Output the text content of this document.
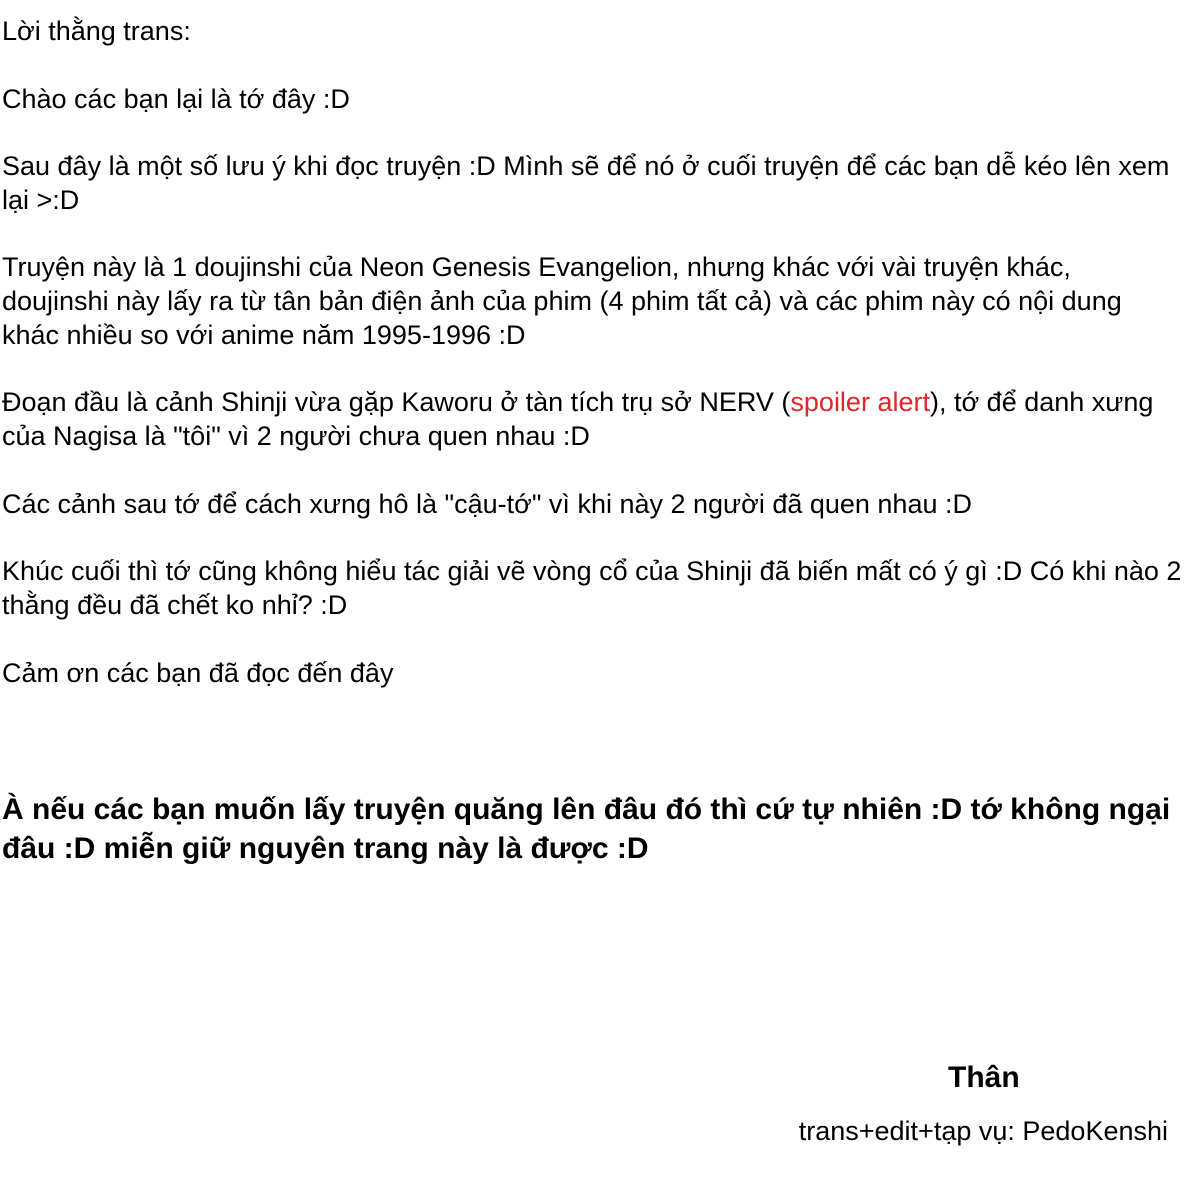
Lời thằng trans:

Chào các bạn lại là tớ đây :D

Sau đây là một số lưu ý khi đọc truyện :D Mình sẽ để nó ở cuối truyện để các bạn dễ kéo lên xem lại >:D

Truyện này là 1 doujinshi của Neon Genesis Evangelion, nhưng khác với vài truyện khác, doujinshi này lấy ra từ tân bản điện ảnh của phim (4 phim tất cả) và các phim này có nội dung khác nhiều so với anime năm 1995-1996 :D

Đoạn đầu là cảnh Shinji vừa gặp Kaworu ở tàn tích trụ sở NERV (spoiler alert), tớ để danh xưng của Nagisa là "tôi" vì 2 người chưa quen nhau :D

Các cảnh sau tớ để cách xưng hô là "cậu-tớ" vì khi này 2 người đã quen nhau :D

Khúc cuối thì tớ cũng không hiểu tác giải vẽ vòng cổ của Shinji đã biến mất có ý gì :D Có khi nào 2 thằng đều đã chết ko nhỉ? :D

Cảm ơn các bạn đã đọc đến đây

À nếu các bạn muốn lấy truyện quăng lên đâu đó thì cứ tự nhiên :D tớ không ngại đâu :D miễn giữ nguyên trang này là được :D

Thân

trans+edit+tạp vụ: PedoKenshi
